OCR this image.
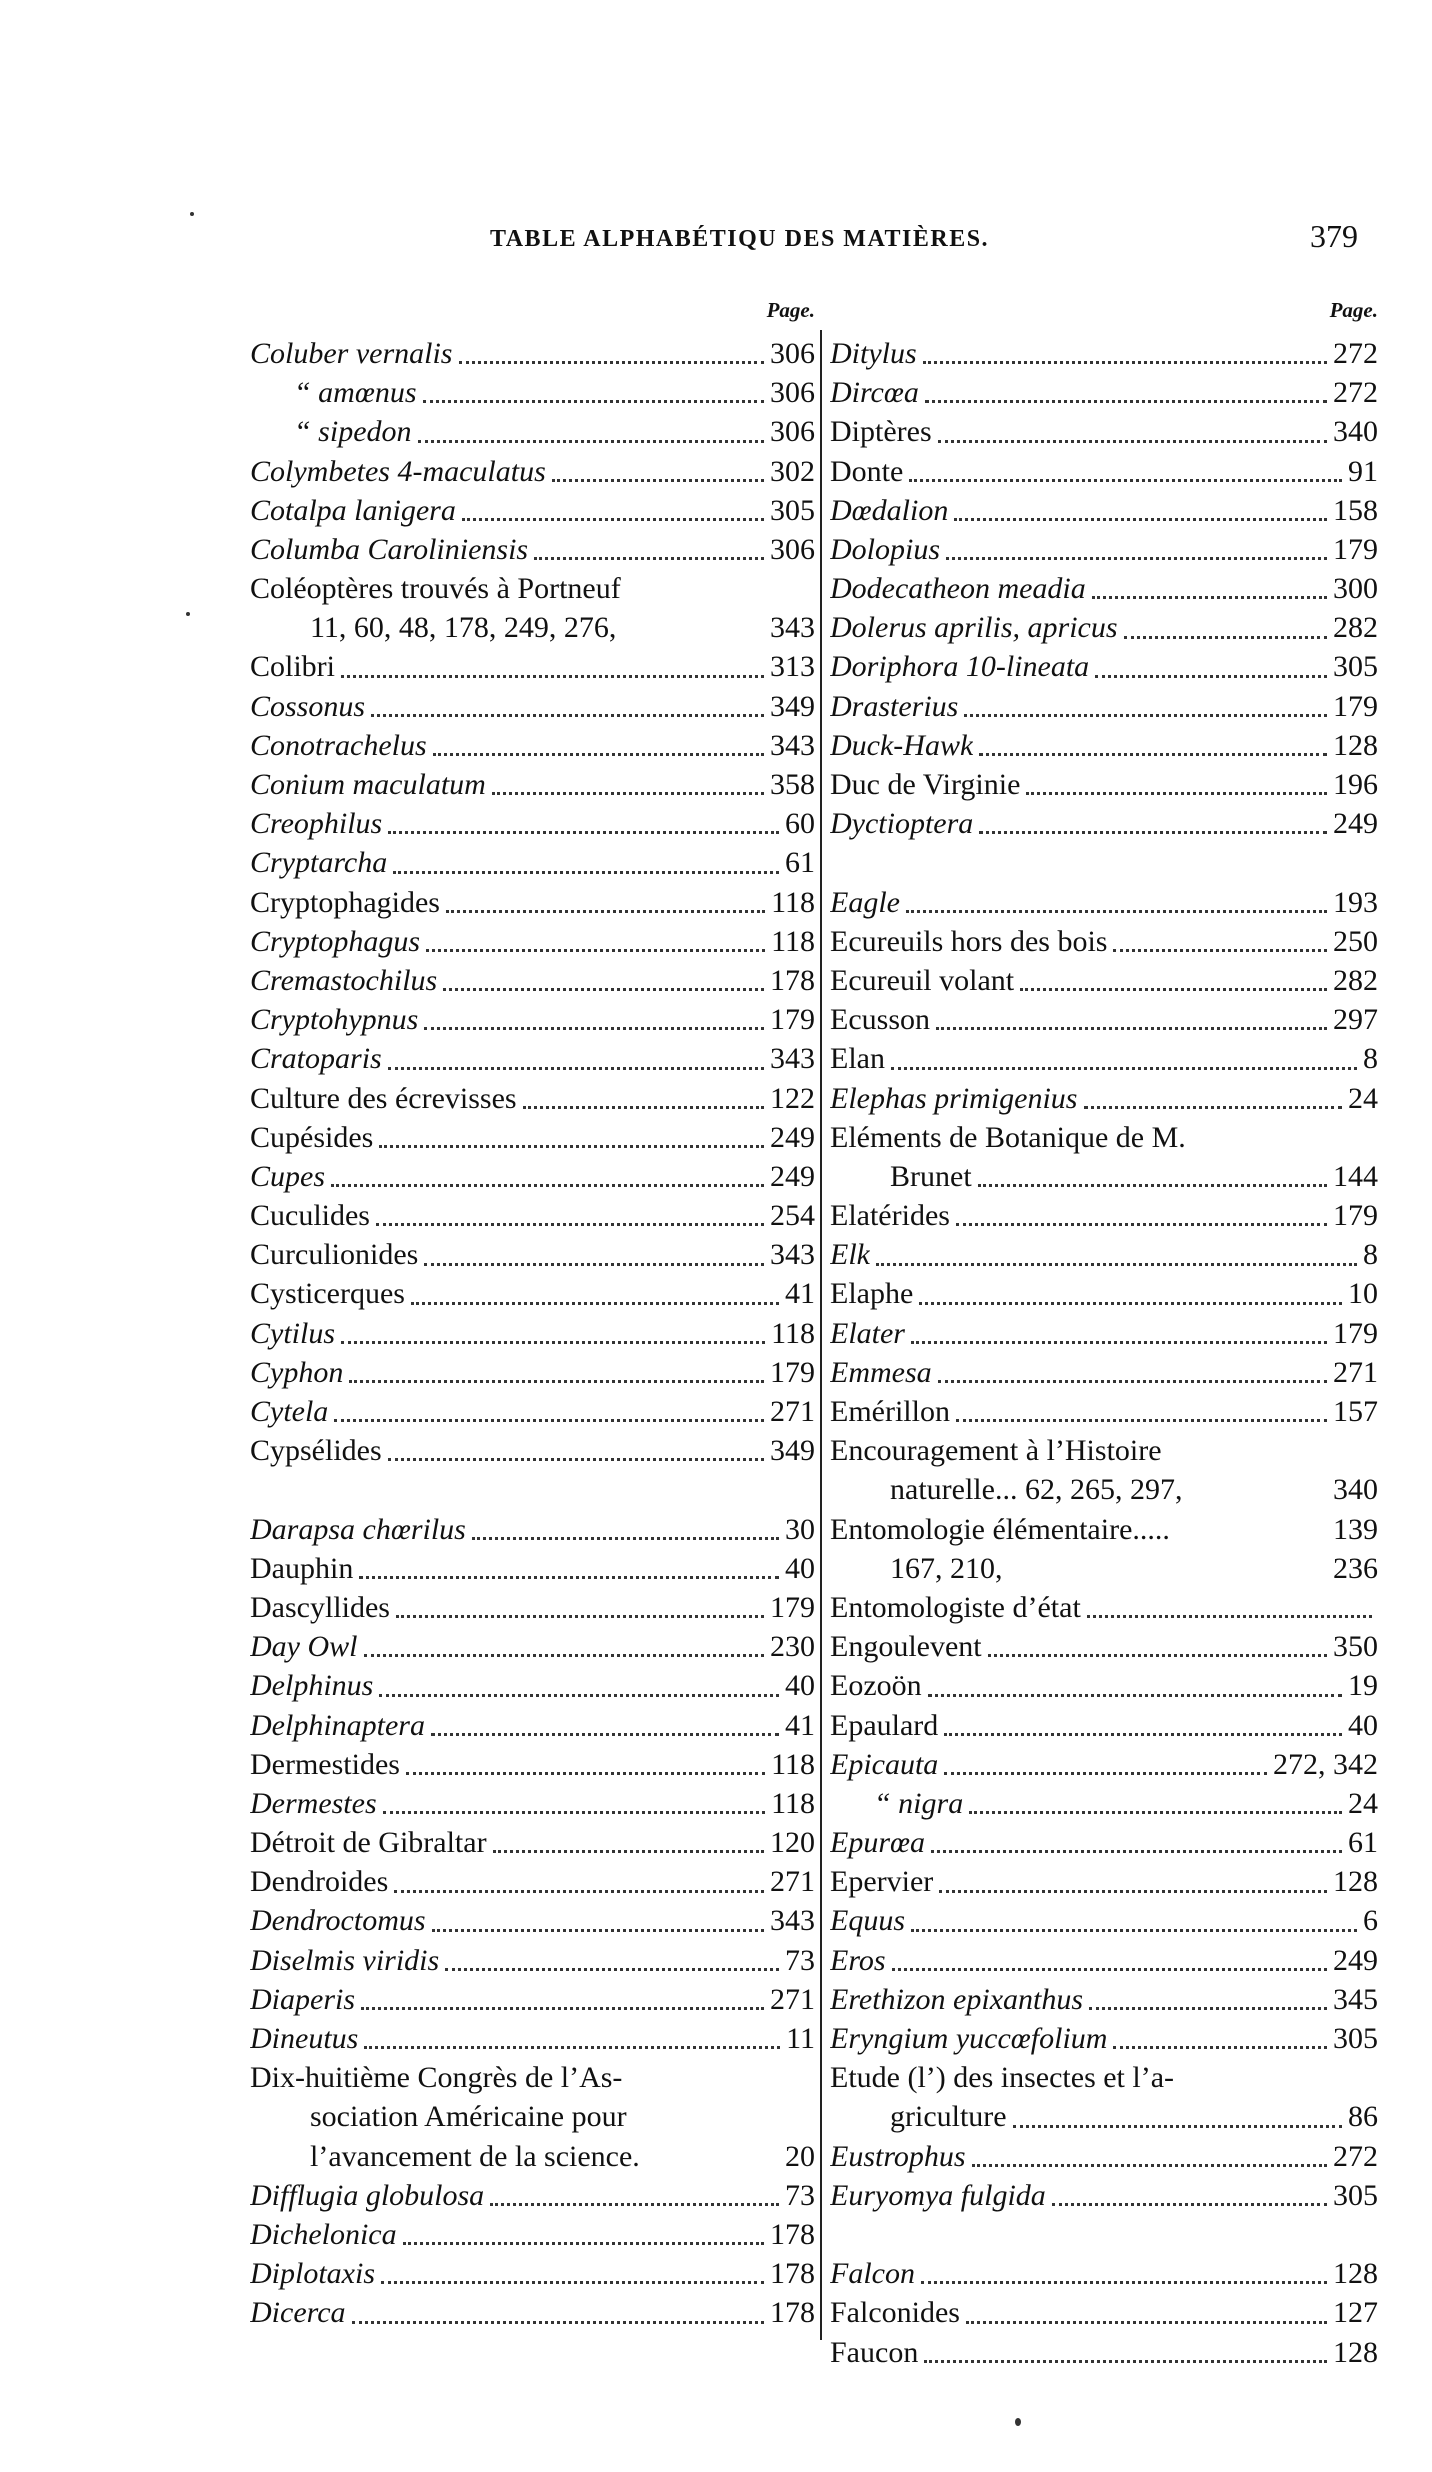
TABLE ALPHABÉTIQU DES MATIÈRES.	379
Page.
Coluber vernalis	306
“ amœnus	306
“ sipedon	306
Colymbetes 4-maculatus	302
Cotalpa lanigera	305
Columba Caroliniensis	306
Coléoptères trouvés à Portneuf
11, 60, 48, 178, 249, 276,	343
Colibri	313
Cossonus	349
Conotrachelus	343
Conium maculatum	358
Creophilus	60
Cryptarcha	61
Cryptophagides	118
Cryptophagus	118
Cremastochilus	178
Cryptohypnus	179
Cratoparis	343
Culture des écrevisses	122
Cupésides	249
Cupes	249
Cuculides	254
Curculionides	343
Cysticerques	41
Cytilus	118
Cyphon	179
Cytela	271
Cypsélides	349
Darapsa chœrilus	30
Dauphin	40
Dascyllides	179
Day Owl	230
Delphinus	40
Delphinaptera	41
Dermestides	118
Dermestes	118
Détroit de Gibraltar	120
Dendroides	271
Dendroctomus	343
Diselmis viridis	73
Diaperis	271
Dineutus	11
Dix-huitième Congrès de l’As-
sociation Américaine pour
l’avancement de la science.	20
Difflugia globulosa	73
Dichelonica	178
Diplotaxis	178
Dicerca	178
Page.
Ditylus	272
Dircœa	272
Diptères	340
Donte	91
Dœdalion	158
Dolopius	179
Dodecatheon meadia	300
Dolerus aprilis, apricus	282
Doriphora 10-lineata	305
Drasterius	179
Duck-Hawk	128
Duc de Virginie	196
Dyctioptera	249
Eagle	193
Ecureuils hors des bois	250
Ecureuil volant	282
Ecusson	297
Elan	8
Elephas primigenius	24
Eléments de Botanique de M.
Brunet	144
Elatérides	179
Elk	8
Elaphe	10
Elater	179
Emmesa	271
Emérillon	157
Encouragement à l’Histoire
naturelle... 62, 265, 297,	340
Entomologie élémentaire.....	139
167, 210,	236
Entomologiste d’état
Engoulevent	350
Eozoön	19
Epaulard	40
Epicauta	272, 342
“ nigra	24
Epurœa	61
Epervier	128
Equus	6
Eros	249
Erethizon epixanthus	345
Eryngium yuccœfolium	305
Etude (l’) des insectes et l’a-
griculture	86
Eustrophus	272
Euryomya fulgida	305
Falcon	128
Falconides	127
Faucon	128
